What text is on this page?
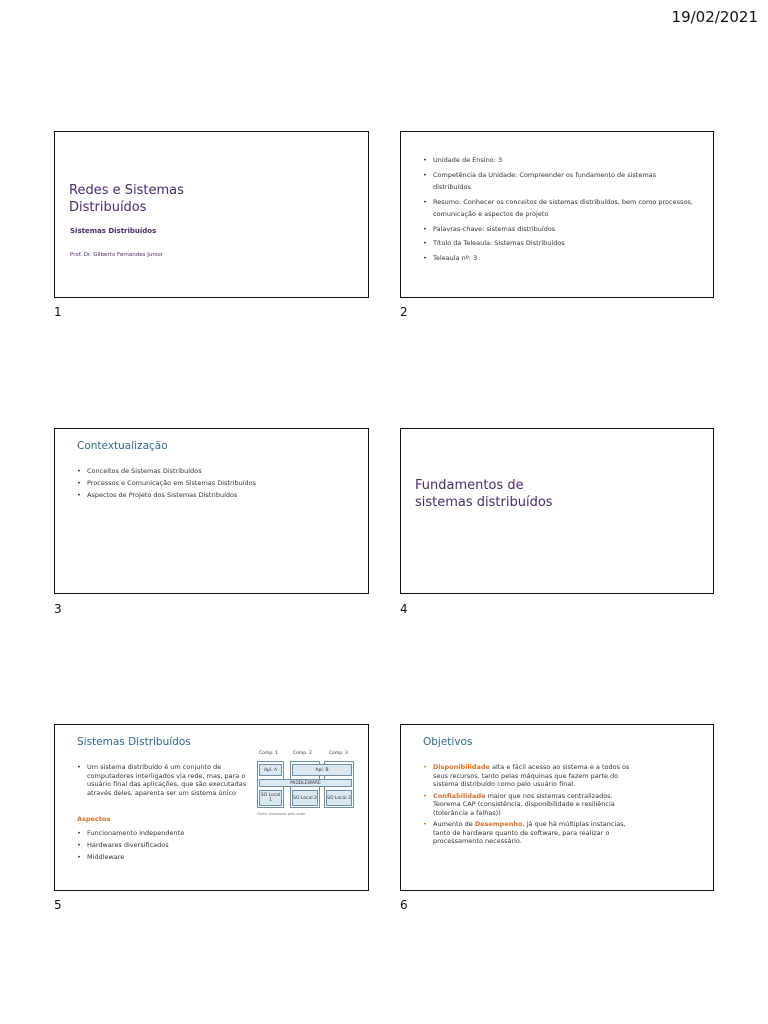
19/02/2021
Redes e Sistemas
Distribuídos
Sistemas Distribuídos
Prof. Dr. Gilberto Fernandes Junior
1
• Unidade de Ensino: 3
• Competência da Unidade: Compreender os fundamento de sistemas distribuídos
• Resumo: Conhecer os conceitos de sistemas distribuídos, bem como processos, comunicação e aspectos de projeto
• Palavras-chave: sistemas distribuídos
• Título da Teleaula: Sistemas Distribuídos
• Teleaula nº: 3
2
Contextualização
• Conceitos de Sistemas Distribuídos
• Processos e Comunicação em Sistemas Distribuídos
• Aspectos de Projeto dos Sistemas Distribuídos
3
Fundamentos de
sistemas distribuídos
4
Sistemas Distribuídos
• Um sistema distribuído é um conjunto de computadores interligados via rede, mas, para o usuário final das aplicações, que são executadas através deles, aparenta ser um sistema único
Aspectos
• Funcionamento independente
• Hardwares diversificados
• Middleware
Comp. 1	Comp. 2	Comp. 3
Apl. A	Apl. B
MIDDLEWARE
SO Local 1	SO Local 2 SO Local 3
Fonte: elaborado pelo autor
5
Objetivos
• Disponibilidade alta e fácil acesso ao sistema e a todos os seus recursos, tanto pelas máquinas que fazem parte do sistema distribuído como pelo usuário final.
• Confiabilidade maior que nos sistemas centralizados. Teorema CAP (consistência, disponibilidade e resiliência (tolerância a falhas))
• Aumento de Desempenho, já que há múltiplas instancias, tanto de hardware quanto de software, para realizar o processamento necessário.
6
